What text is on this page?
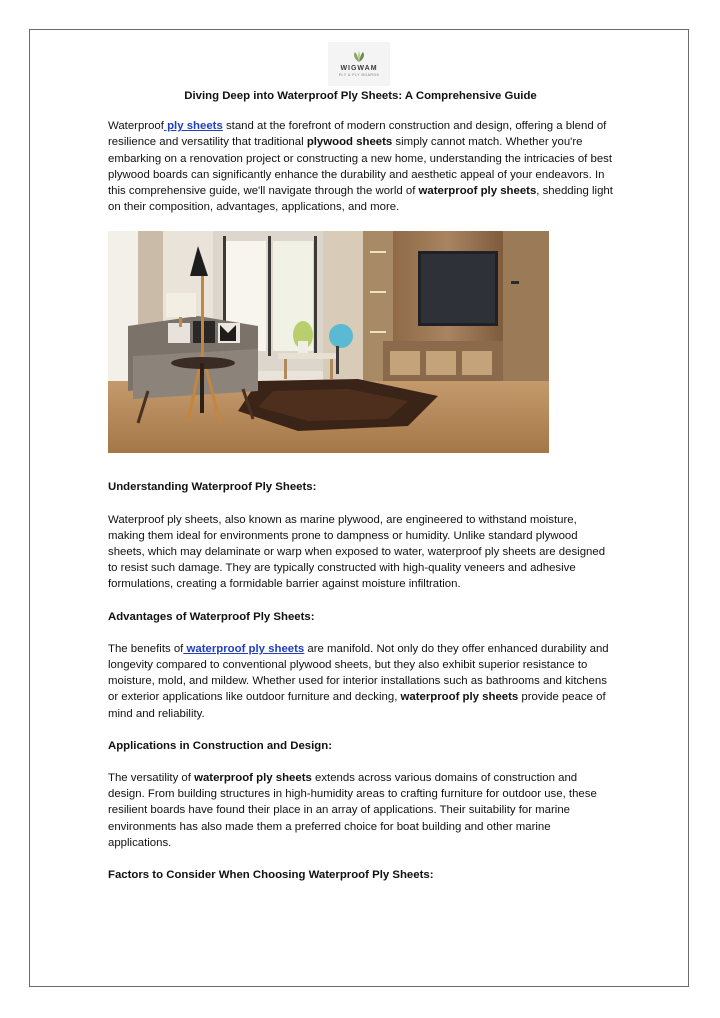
WIGWAM
PLY & PLY BOARDS
Diving Deep into Waterproof Ply Sheets: A Comprehensive Guide

Waterproof ply sheets stand at the forefront of modern construction and design, offering a blend of resilience and versatility that traditional plywood sheets simply cannot match. Whether you're embarking on a renovation project or constructing a new home, understanding the intricacies of best plywood boards can significantly enhance the durability and aesthetic appeal of your endeavors. In this comprehensive guide, we'll navigate through the world of waterproof ply sheets, shedding light on their composition, advantages, applications, and more.

Understanding Waterproof Ply Sheets:

Waterproof ply sheets, also known as marine plywood, are engineered to withstand moisture, making them ideal for environments prone to dampness or humidity. Unlike standard plywood sheets, which may delaminate or warp when exposed to water, waterproof ply sheets are designed to resist such damage. They are typically constructed with high-quality veneers and adhesive formulations, creating a formidable barrier against moisture infiltration.

Advantages of Waterproof Ply Sheets:

The benefits of waterproof ply sheets are manifold. Not only do they offer enhanced durability and longevity compared to conventional plywood sheets, but they also exhibit superior resistance to moisture, mold, and mildew. Whether used for interior installations such as bathrooms and kitchens or exterior applications like outdoor furniture and decking, waterproof ply sheets provide peace of mind and reliability.

Applications in Construction and Design:

The versatility of waterproof ply sheets extends across various domains of construction and design. From building structures in high-humidity areas to crafting furniture for outdoor use, these resilient boards have found their place in an array of applications. Their suitability for marine environments has also made them a preferred choice for boat building and other marine applications.

Factors to Consider When Choosing Waterproof Ply Sheets:
